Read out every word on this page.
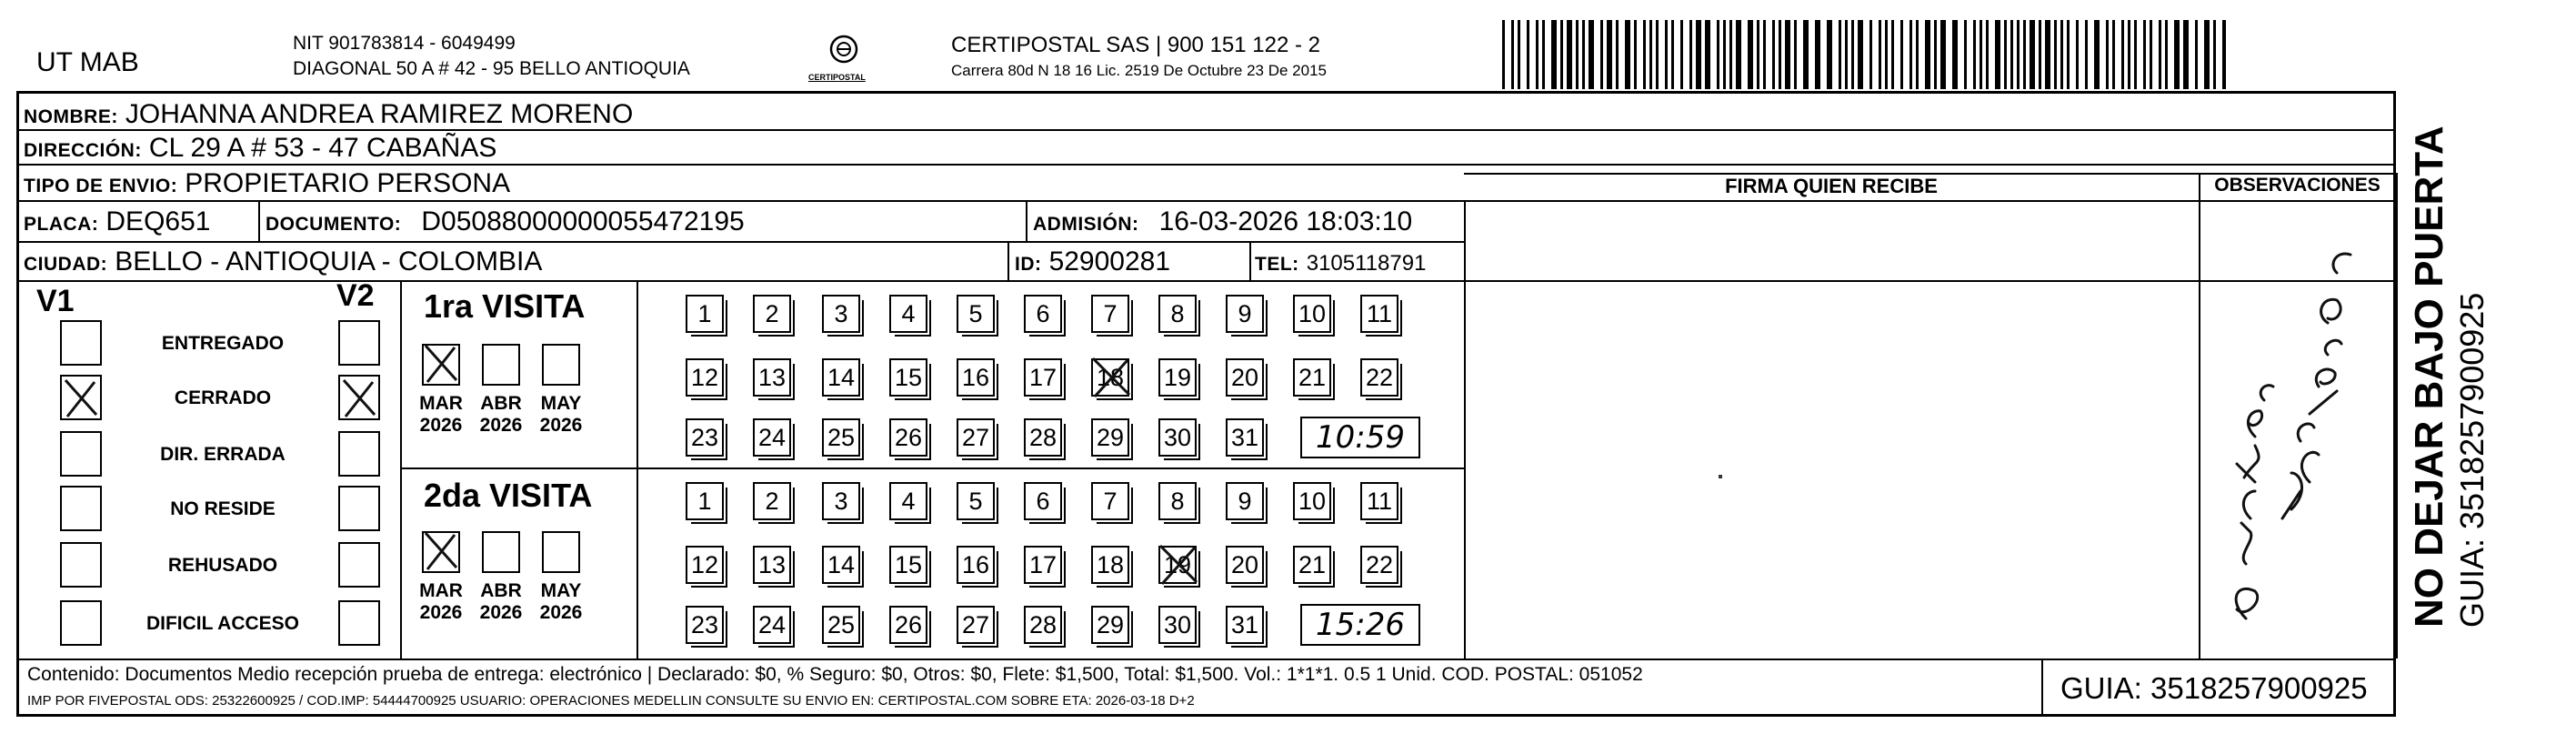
UT MAB
NIT 901783814 - 6049499
DIAGONAL 50 A # 42 - 95 BELLO ANTIOQUIA	CERTIPOSTAL
CERTIPOSTAL SAS | 900 151 122 - 2
Carrera 80d N 18 16 Lic. 2519 De Octubre 23 De 2015
NO DEJAR BAJO PUERTA GUIA: 3518257900925
NOMBRE: JOHANNA ANDREA RAMIREZ MORENO
DIRECCIÓN: CL 29 A # 53 - 47 CABAÑAS
TIPO DE ENVIO: PROPIETARIO PERSONA
PLACA: DEQ651	DOCUMENTO: D05088000000055472195	ADMISIÓN: 16-03-2026 18:03:10
CIUDAD: BELLO - ANTIOQUIA - COLOMBIA	ID: 52900281	TEL: 3105118791
FIRMA QUIEN RECIBE	OBSERVACIONES
V1	V2
ENTREGADO
CERRADO
DIR. ERRADA
NO RESIDE
REHUSADO
DIFICIL ACCESO
1ra VISITA
2da VISITA
MAR
2026
ABR
2026
MAY
2026
1	2	3	4	5	6	7	8	9	10 11
12 13 14 15 16 17 18 19 20 21 22
23 24 25 26 27 28 29 30 31	10:59
MAR
2026
ABR
2026
MAY
2026
1	2	3	4	5	6	7	8	9	10 11
12 13 14 15 16 17 18 19 20 21 22
23 24 25 26 27 28 29 30 31	15:26
Contenido: Documentos Medio recepción prueba de entrega: electrónico | Declarado: $0, % Seguro: $0, Otros: $0, Flete: $1,500, Total: $1,500. Vol.: 1*1*1. 0.5 1 Unid. COD. POSTAL: 051052
IMP POR FIVEPOSTAL ODS: 25322600925 / COD.IMP: 54444700925 USUARIO: OPERACIONES MEDELLIN CONSULTE SU ENVIO EN: CERTIPOSTAL.COM SOBRE ETA: 2026-03-18 D+2	GUIA: 3518257900925
